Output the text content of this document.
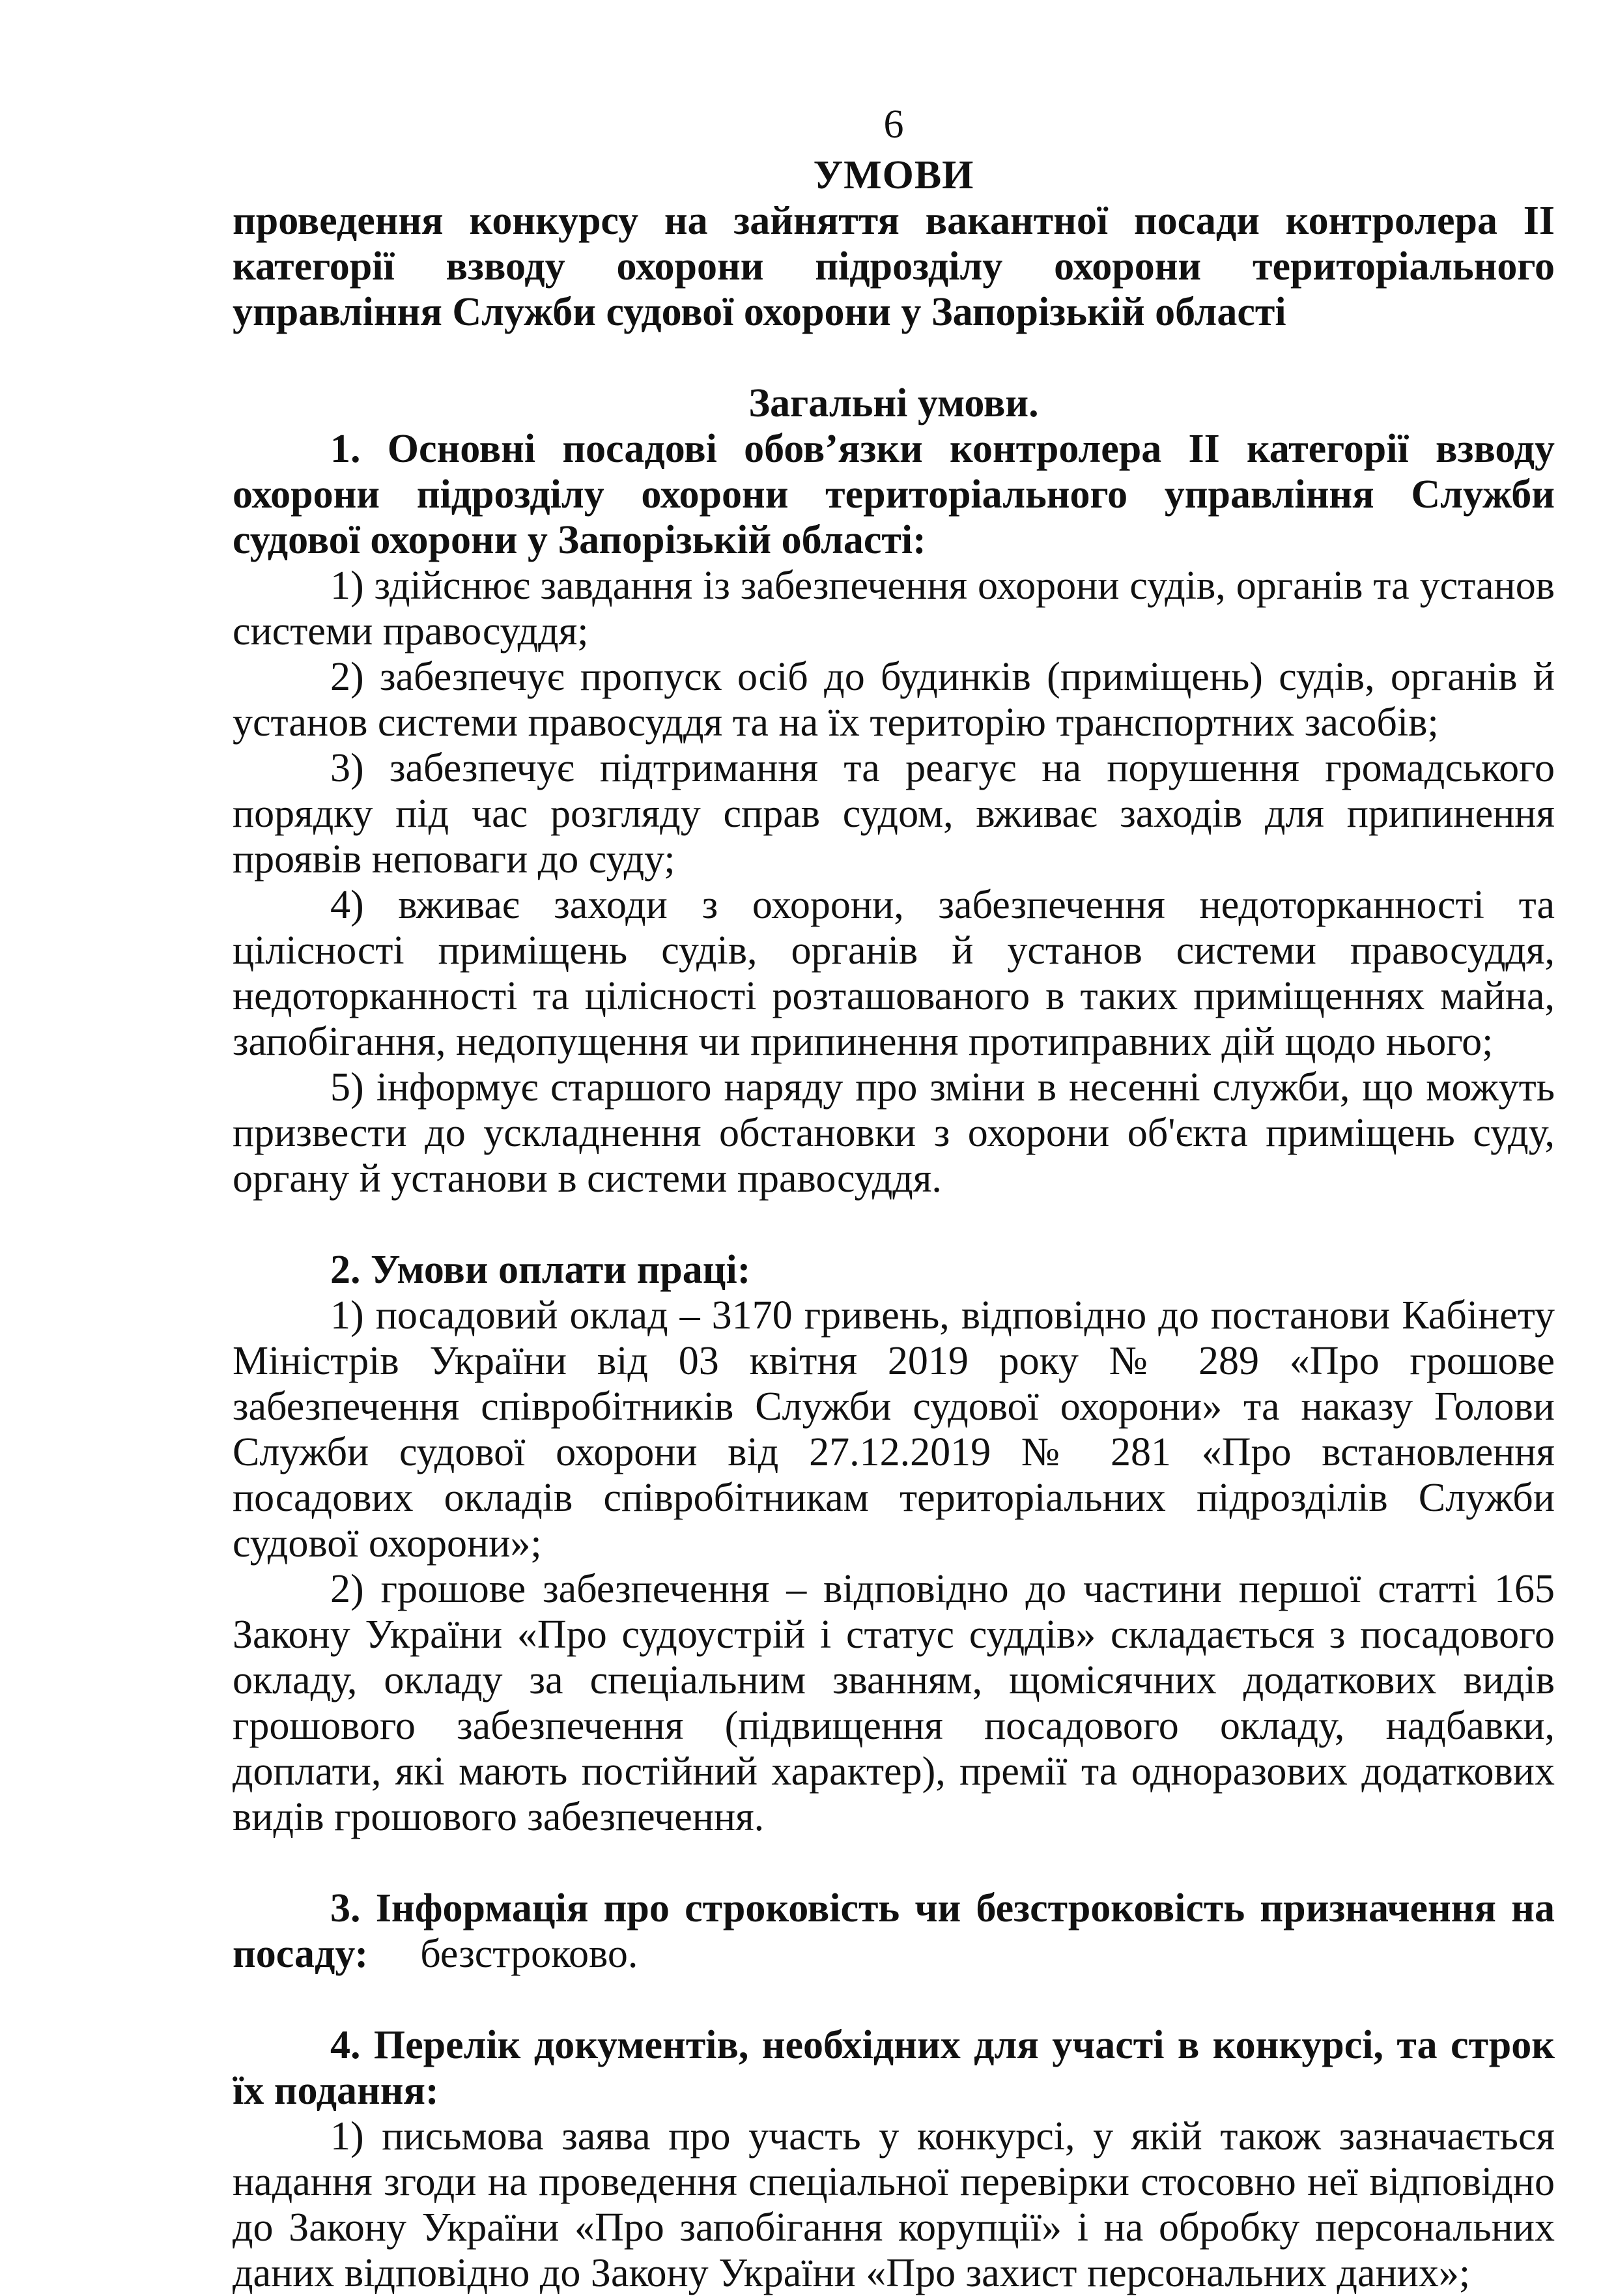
6
УМОВИ
проведення конкурсу на зайняття вакантної посади контролера ІІ категорії взводу охорони підрозділу охорони територіального управління Служби судової охорони у Запорізькій області
Загальні умови.

1. Основні посадові обов’язки контролера ІІ категорії взводу охорони підрозділу охорони територіального управління Служби судової охорони у Запорізькій області:

1) здійснює завдання із забезпечення охорони судів, органів та установ системи правосуддя;

2) забезпечує пропуск осіб до будинків (приміщень) судів, органів й установ системи правосуддя та на їх територію транспортних засобів;

3) забезпечує підтримання та реагує на порушення громадського порядку під час розгляду справ судом, вживає заходів для припинення проявів неповаги до суду;

4) вживає заходи з охорони, забезпечення недоторканності та цілісності приміщень судів, органів й установ системи правосуддя, недоторканності та цілісності розташованого в таких приміщеннях майна, запобігання, недопущення чи припинення протиправних дій щодо нього;

5) інформує старшого наряду про зміни в несенні служби, що можуть призвести до ускладнення обстановки з охорони об'єкта приміщень суду, органу й установи в системи правосуддя.

2. Умови оплати праці:

1) посадовий оклад – 3170 гривень, відповідно до постанови Кабінету Міністрів України від 03 квітня 2019 року № 289 «Про грошове забезпечення співробітників Служби судової охорони» та наказу Голови Служби судової охорони від 27.12.2019 № 281 «Про встановлення посадових окладів співробітникам територіальних підрозділів Служби судової охорони»;

2) грошове забезпечення – відповідно до частини першої статті 165 Закону України «Про судоустрій і статус суддів» складається з посадового окладу, окладу за спеціальним званням, щомісячних додаткових видів грошового забезпечення (підвищення посадового окладу, надбавки, доплати, які мають постійний характер), премії та одноразових додаткових видів грошового забезпечення.

3. Інформація про строковість чи безстроковість призначення на посаду: безстроково.

4. Перелік документів, необхідних для участі в конкурсі, та строк їх подання:

1) письмова заява про участь у конкурсі, у якій також зазначається надання згоди на проведення спеціальної перевірки стосовно неї відповідно до Закону України «Про запобігання корупції» і на обробку персональних даних відповідно до Закону України «Про захист персональних даних»;
